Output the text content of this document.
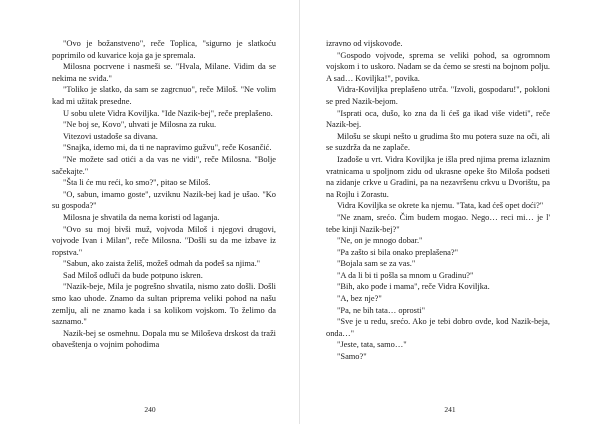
"Ovo je božanstveno", reče Toplica, "sigurno je slatkoću poprimilo od kuvarice koja ga je spremala.

Milosna pocrvene i nasmeši se. "Hvala, Milane. Vidim da se nekima ne sviđa."

"Toliko je slatko, da sam se zagrcnuo", reče Miloš. "Ne volim kad mi užitak presedne.

U sobu ulete Vidra Kovilјka. "Ide Nazik-bej", reče preplašeno.

"Ne boj se, Kovo", uhvati je Milosna za ruku.

Vitezovi ustadoše sa divana.

"Snajka, idemo mi, da ti ne napravimo gužvu", reče Kosančić.

"Ne možete sad otići a da vas ne vidi", reče Milosna. "Bolje sačekajte."

"Šta li će mu reći, ko smo?", pitao se Miloš.

"O, sabun, imamo goste", uzviknu Nazik-bej kad je ušao. "Ko su gospoda?"

Milosna je shvatila da nema koristi od laganja.

"Ovo su moj bivši muž, vojvoda Miloš i njegovi drugovi, vojvode Ivan i Milan", reče Milosna. "Došli su da me izbave iz ropstva."

"Sabun, ako zaista želiš, možeš odmah da pođeš sa njima."

Sad Miloš odluči da bude potpuno iskren.

"Nazik-beje, Mila je pogrešno shvatila, nismo zato došli. Došli smo kao uhode. Znamo da sultan priprema veliki pohod na našu zemlju, ali ne znamo kada i sa kolikom vojskom. To želimo da saznamo."

Nazik-bej se osmehnu. Dopala mu se Miloševa drskost da traži obaveštenja o vojnim pohodima

240

izravno od vijskovođe.

"Gospodo vojvode, sprema se veliki pohod, sa ogromnom vojskom i to uskoro. Nadam se da ćemo se sresti na bojnom polju. A sad… Kovilјka!", povika.

Vidra-Kovilјka preplašeno utrča. "Izvoli, gospodaru!", pokloni se pred Nazik-bejom.

"Isprati oca, dušo, ko zna da li ćeš ga ikad više videti", reče Nazik-bej.

Milošu se skupi nešto u grudima što mu potera suze na oči, ali se suzdrža da ne zaplače.

Izađoše u vrt. Vidra Kovilјka je išla pred njima prema izlaznim vratnicama u spolјnom zidu od ukrasne opeke što Miloša podseti na zidanje crkve u Gradini, pa na nezavršenu crkvu u Dvorištu, pa na Rojlu i Zorastu.

Vidra Kovilјka se okrete ka njemu. "Tata, kad ćeš opet doći?"

"Ne znam, srećo. Čim budem mogao. Nego… reci mi… je l' tebe kinji Nazik-bej?"

"Ne, on je mnogo dobar."

"Pa zašto si bila onako preplašena?"

"Bojala sam se za vas."

"A da li bi ti pošla sa mnom u Gradinu?"

"Bih, ako pođe i mama", reče Vidra Kovilјka.

"A, bez nje?"

"Pa, ne bih tata… oprosti"

"Sve je u redu, srećo. Ako je tebi dobro ovde, kod Nazik-beja, onda…"

"Jeste, tata, samo…"

"Samo?"

241
